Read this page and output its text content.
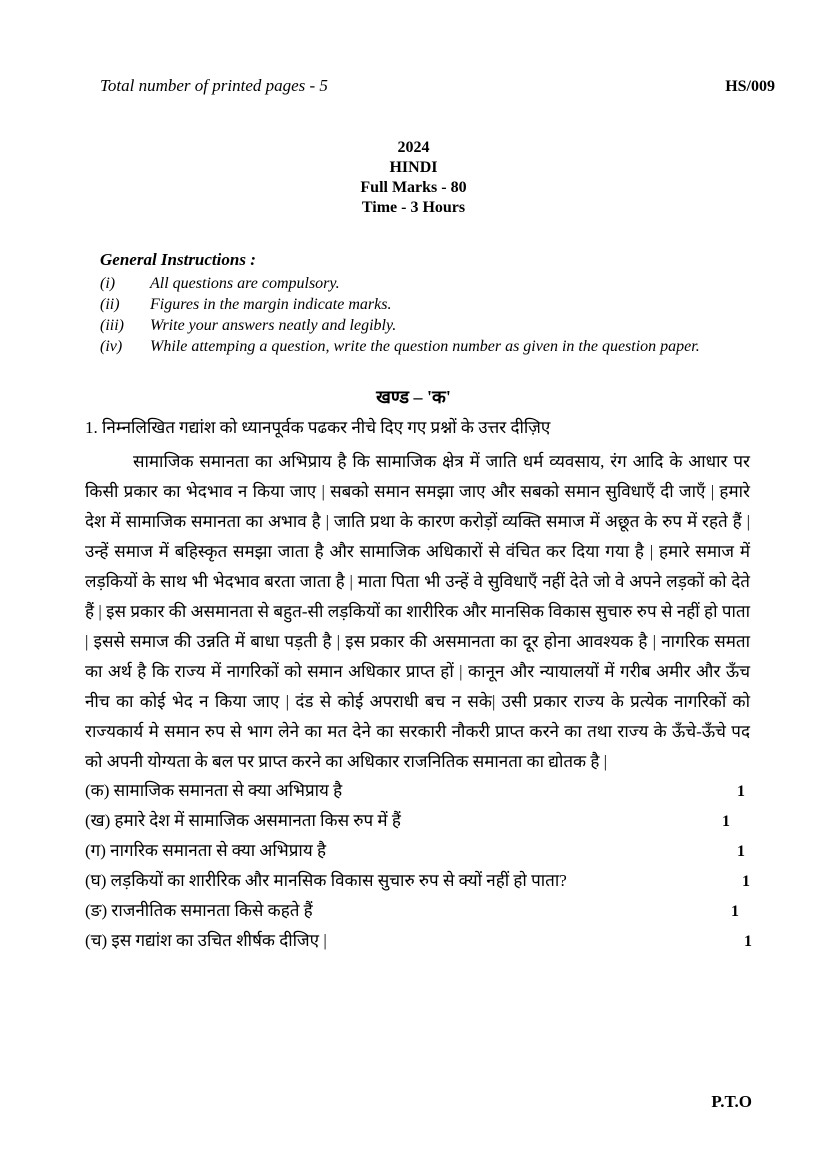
Total number of printed pages - 5	HS/009
2024
HINDI
Full Marks - 80
Time - 3 Hours
General Instructions :
(i)	All questions are compulsory.
(ii)	Figures in the margin indicate marks.
(iii)	Write your answers neatly and legibly.
(iv)	While attemping a question, write the question number as given in the question paper.
खण्ड – 'क'
1. निम्नलिखित गद्यांश को ध्यानपूर्वक पढकर नीचे दिए गए प्रश्नों के उत्तर दीज़िए
सामाजिक समानता का अभिप्राय है कि सामाजिक क्षेत्र में जाति धर्म व्यवसाय, रंग आदि के आधार पर किसी प्रकार का भेदभाव न किया जाए | सबको समान समझा जाए और सबको समान सुविधाएँ दी जाएँ | हमारे देश में सामाजिक समानता का अभाव है | जाति प्रथा के कारण करोड़ों व्यक्ति समाज में अछूत के रुप में रहते हैं | उन्हें समाज में बहिस्कृत समझा जाता है और सामाजिक अधिकारों से वंचित कर दिया गया है | हमारे समाज में लड़कियों के साथ भी भेदभाव बरता जाता है | माता पिता भी उन्हें वे सुविधाएँ नहीं देते जो वे अपने लड़कों को देते हैं | इस प्रकार की असमानता से बहुत-सी लड़कियों का शारीरिक और मानसिक विकास सुचारु रुप से नहीं हो पाता | इससे समाज की उन्नति में बाधा पड़ती है | इस प्रकार की असमानता का दूर होना आवश्यक है | नागरिक समता का अर्थ है कि राज्य में नागरिकों को समान अधिकार प्राप्त हों | कानून और न्यायालयों में गरीब अमीर और ऊँच नीच का कोई भेद न किया जाए | दंड से कोई अपराधी बच न सके| उसी प्रकार राज्य के प्रत्येक नागरिकों को राज्यकार्य मे समान रुप से भाग लेने का मत देने का सरकारी नौकरी प्राप्त करने का तथा राज्य के ऊँचे-ऊँचे पद को अपनी योग्यता के बल पर प्राप्त करने का अधिकार राजनितिक समानता का द्योतक है |
(क) सामाजिक समानता से क्या अभिप्राय है	1
(ख) हमारे देश में सामाजिक असमानता किस रुप में हैं	1
(ग) नागरिक समानता से क्या अभिप्राय है	1
(घ) लड़कियों का शारीरिक और मानसिक विकास सुचारु रुप से क्यों नहीं हो पाता?	1
(ङ) राजनीतिक समानता किसे कहते हैं	1
(च) इस गद्यांश का उचित शीर्षक दीजिए |	1
P.T.O
